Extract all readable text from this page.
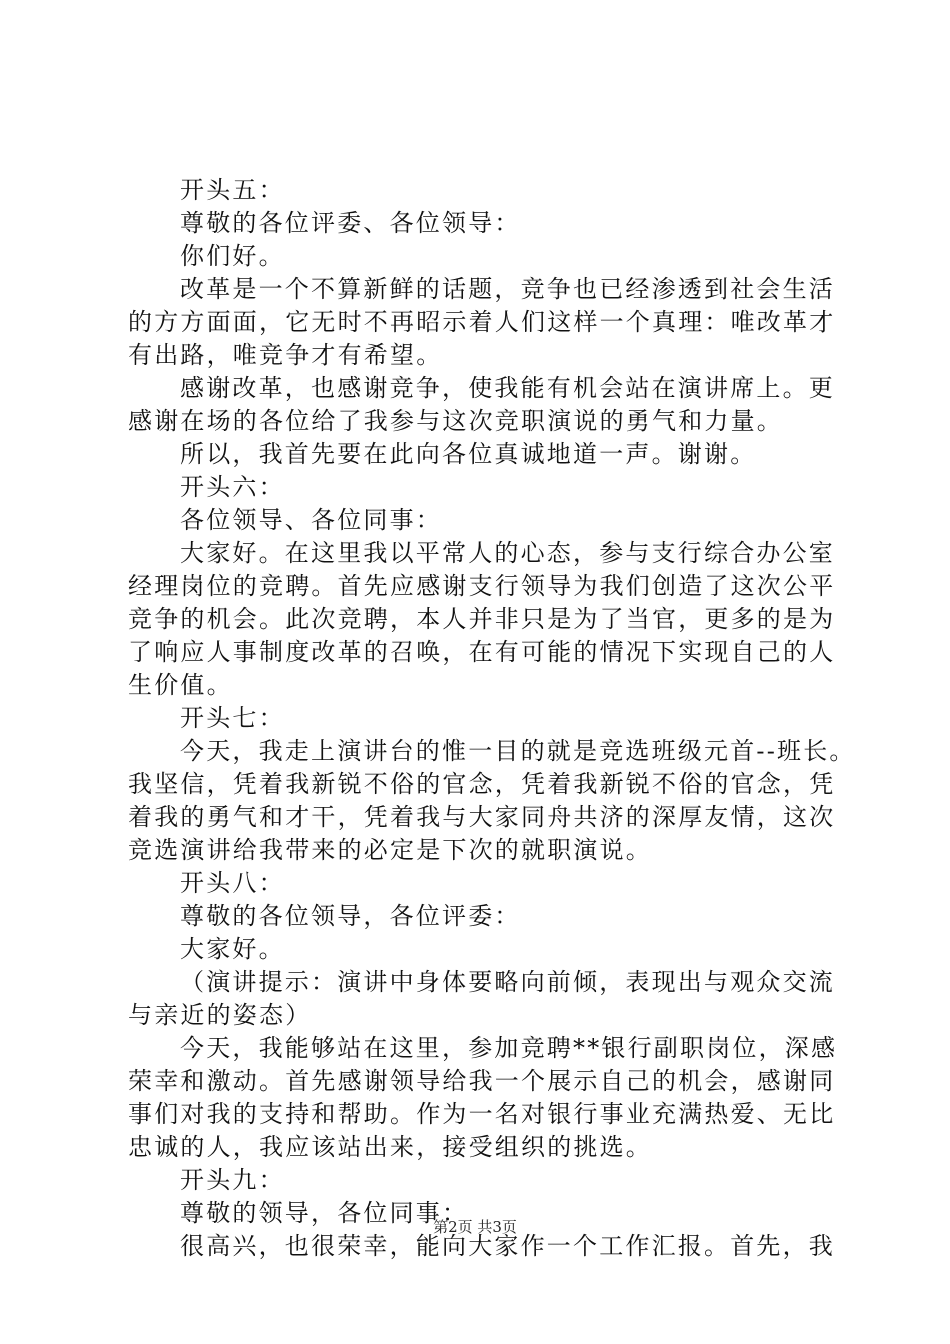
开头五：
尊敬的各位评委、各位领导：
你们好。
改革是一个不算新鲜的话题，竞争也已经渗透到社会生活
的方方面面，它无时不再昭示着人们这样一个真理：唯改革才
有出路，唯竞争才有希望。
感谢改革，也感谢竞争，使我能有机会站在演讲席上。更
感谢在场的各位给了我参与这次竞职演说的勇气和力量。
所以，我首先要在此向各位真诚地道一声。谢谢。
开头六：
各位领导、各位同事：
大家好。在这里我以平常人的心态，参与支行综合办公室
经理岗位的竞聘。首先应感谢支行领导为我们创造了这次公平
竞争的机会。此次竞聘，本人并非只是为了当官，更多的是为
了响应人事制度改革的召唤，在有可能的情况下实现自己的人
生价值。
开头七：
今天，我走上演讲台的惟一目的就是竞选班级元首--班长。
我坚信，凭着我新锐不俗的官念，凭着我新锐不俗的官念，凭
着我的勇气和才干，凭着我与大家同舟共济的深厚友情，这次
竞选演讲给我带来的必定是下次的就职演说。
开头八：
尊敬的各位领导，各位评委：
大家好。
（演讲提示：演讲中身体要略向前倾，表现出与观众交流
与亲近的姿态）
今天，我能够站在这里，参加竞聘**银行副职岗位，深感
荣幸和激动。首先感谢领导给我一个展示自己的机会，感谢同
事们对我的支持和帮助。作为一名对银行事业充满热爱、无比
忠诚的人，我应该站出来，接受组织的挑选。
开头九：
尊敬的领导，各位同事：
很高兴，也很荣幸，能向大家作一个工作汇报。首先，我
第2页 共3页
